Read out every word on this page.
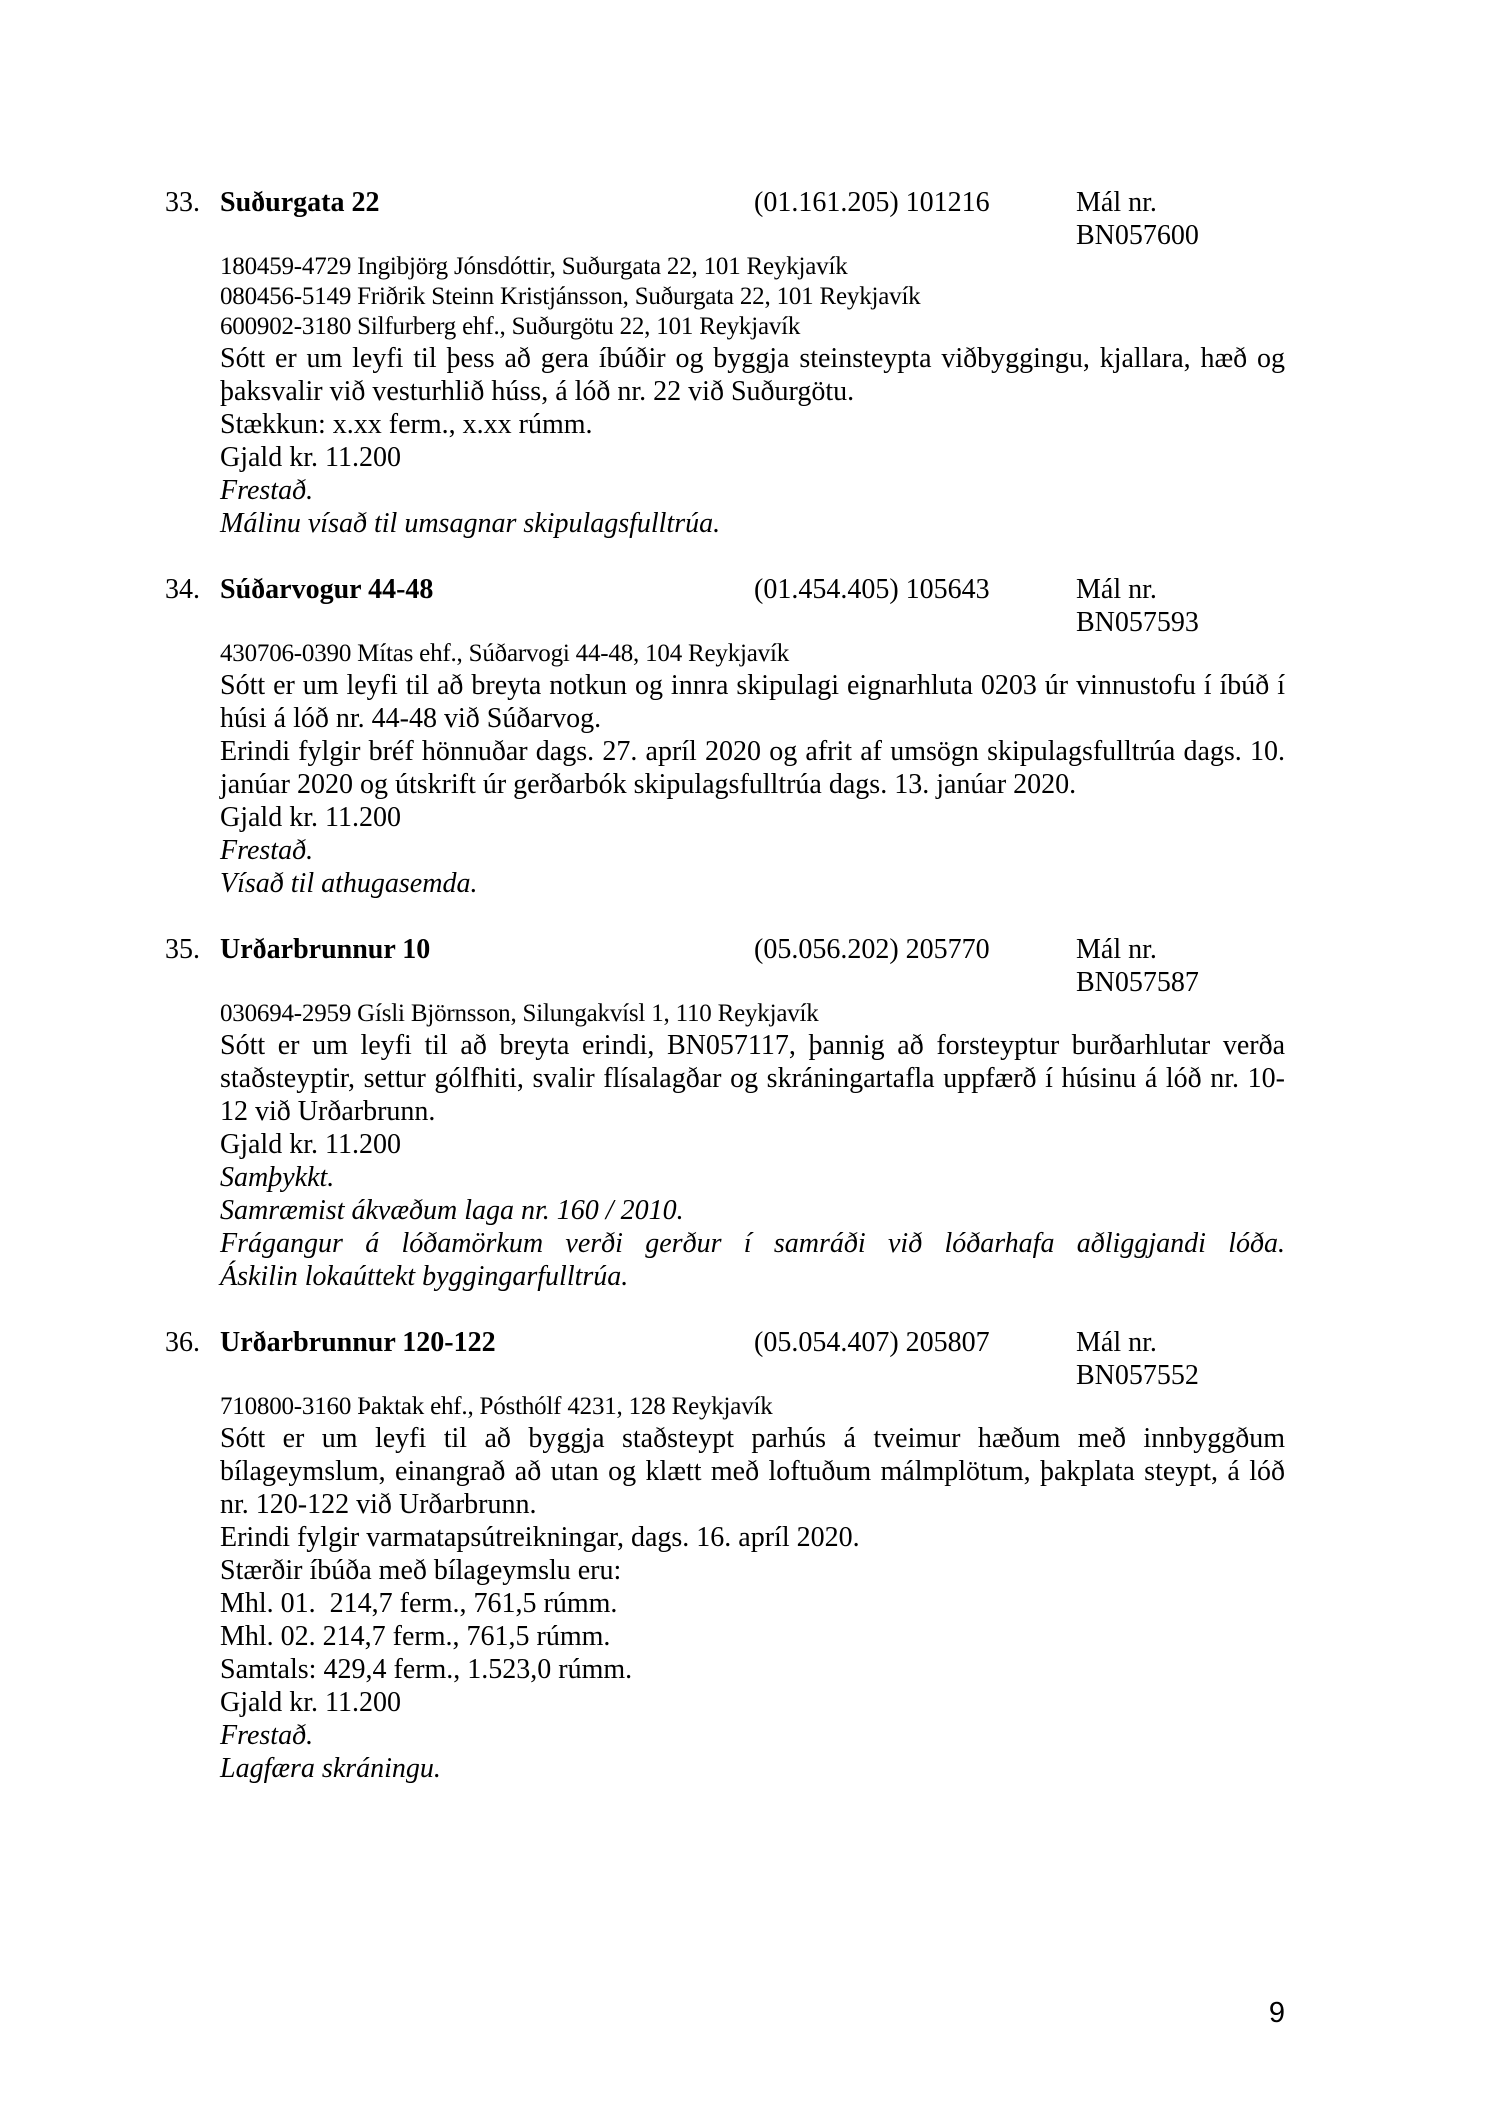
33. Suðurgata 22	(01.161.205) 101216	Mál nr. BN057600
180459-4729 Ingibjörg Jónsdóttir, Suðurgata 22, 101 Reykjavík
080456-5149 Friðrik Steinn Kristjánsson, Suðurgata 22, 101 Reykjavík
600902-3180 Silfurberg ehf., Suðurgötu 22, 101 Reykjavík
Sótt er um leyfi til þess að gera íbúðir og byggja steinsteypta viðbyggingu, kjallara, hæð og þaksvalir við vesturhlið húss, á lóð nr. 22 við Suðurgötu.
Stækkun: x.xx ferm., x.xx rúmm.
Gjald kr. 11.200
Frestað.
Málinu vísað til umsagnar skipulagsfulltrúa.
34. Súðarvogur 44-48	(01.454.405) 105643	Mál nr. BN057593
430706-0390 Mítas ehf., Súðarvogi 44-48, 104 Reykjavík
Sótt er um leyfi til að breyta notkun og innra skipulagi eignarhluta 0203 úr vinnustofu í íbúð í húsi á lóð nr. 44-48 við Súðarvog.
Erindi fylgir bréf hönnuðar dags. 27. apríl 2020 og afrit af umsögn skipulagsfulltrúa dags. 10. janúar 2020 og útskrift úr gerðarbók skipulagsfulltrúa dags. 13. janúar 2020.
Gjald kr. 11.200
Frestað.
Vísað til athugasemda.
35. Urðarbrunnur 10	(05.056.202) 205770	Mál nr. BN057587
030694-2959 Gísli Björnsson, Silungakvísl 1, 110 Reykjavík
Sótt er um leyfi til að breyta erindi, BN057117, þannig að forsteyptur burðarhlutar verða staðsteyptir, settur gólfhiti, svalir flísalagðar og skráningartafla uppfærð í húsinu á lóð nr. 10-12 við Urðarbrunn.
Gjald kr. 11.200
Samþykkt.
Samræmist ákvæðum laga nr. 160 / 2010.
Frágangur á lóðamörkum verði gerður í samráði við lóðarhafa aðliggjandi lóða.
Áskilin lokaúttekt byggingarfulltrúa.
36. Urðarbrunnur 120-122	(05.054.407) 205807	Mál nr. BN057552
710800-3160 Þaktak ehf., Pósthólf 4231, 128 Reykjavík
Sótt er um leyfi til að byggja staðsteypt parhús á tveimur hæðum með innbyggðum bílageymslum, einangrað að utan og klætt með loftuðum málmplötum, þakplata steypt, á lóð nr. 120-122 við Urðarbrunn.
Erindi fylgir varmatapsútreikningar, dags. 16. apríl 2020.
Stærðir íbúða með bílageymslu eru:
Mhl. 01.  214,7 ferm., 761,5 rúmm.
Mhl. 02. 214,7 ferm., 761,5 rúmm.
Samtals: 429,4 ferm., 1.523,0 rúmm.
Gjald kr. 11.200
Frestað.
Lagfæra skráningu.
9
